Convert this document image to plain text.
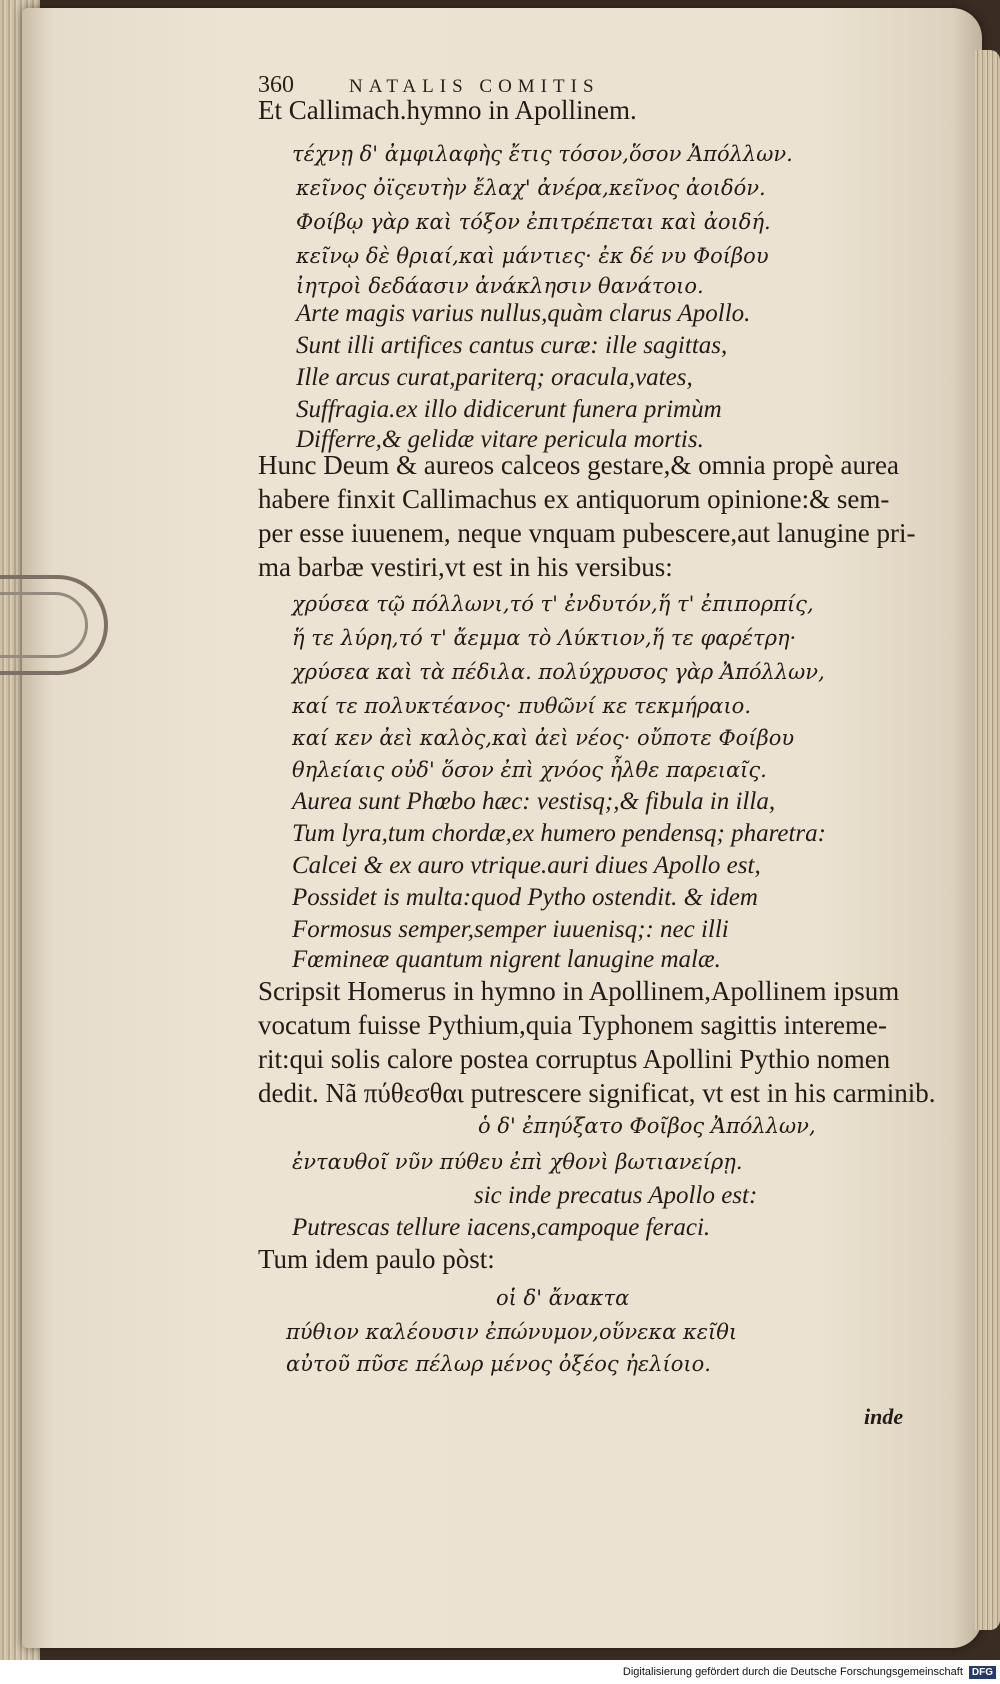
360	NATALIS COMITIS
Et Callimach.hymno in Apollinem.
τέχνῃ δ' ἀμφιλαφὴς ἔτις τόσον,ὅσον Ἀπόλλων.
κεῖνος ὀϊςευτὴν ἔλαχ' ἀνέρα,κεῖνος ἀοιδόν.
Φοίβῳ γὰρ καὶ τόξον ἐπιτρέπεται καὶ ἀοιδή.
κεῖνῳ δὲ θριαί,καὶ μάντιες· ἐκ δέ νυ Φοίβου
ἰητροὶ δεδάασιν ἀνάκλησιν θανάτοιο.
Arte magis varius nullus,quàm clarus Apollo.
Sunt illi artifices cantus curæ: ille sagittas,
Ille arcus curat,pariterq; oracula,vates,
Suffragia.ex illo didicerunt funera primùm
Differre,& gelidæ vitare pericula mortis.
Hunc Deum & aureos calceos gestare,& omnia propè aurea
habere finxit Callimachus ex antiquorum opinione:& sem-
per esse iuuenem, neque vnquam pubescere,aut lanugine pri-
ma barbæ vestiri,vt est in his versibus:
χρύσεα τῷ πόλλωνι,τό τ' ἐνδυτόν,ἥ τ' ἐπιπορπίς,
ἥ τε λύρη,τό τ' ἄεμμα τὸ Λύκτιον,ἥ τε φαρέτρη·
χρύσεα καὶ τὰ πέδιλα. πολύχρυσος γὰρ Ἀπόλλων,
καί τε πολυκτέανος· πυθῶνί κε τεκμήραιο.
καί κεν ἀεὶ καλὸς,καὶ ἀεὶ νέος· οὔποτε Φοίβου
θηλείαις οὐδ' ὅσον ἐπὶ χνόος ἦλθε παρειαῖς.
Aurea sunt Phœbo hæc: vestisq;,& fibula in illa,
Tum lyra,tum chordæ,ex humero pendensq; pharetra:
Calcei & ex auro vtrique.auri diues Apollo est,
Possidet is multa:quod Pytho ostendit. & idem
Formosus semper,semper iuuenisq;: nec illi
Fœmineæ quantum nigrent lanugine malæ.
Scripsit Homerus in hymno in Apollinem,Apollinem ipsum
vocatum fuisse Pythium,quia Typhonem sagittis intereme-
rit:qui solis calore postea corruptus Apollini Pythio nomen
dedit. Nã πύθεσθαι putrescere significat, vt est in his carminib.
ὁ δ' ἐπηύξατο Φοῖβος Ἀπόλλων,
ἐνταυθοῖ νῦν πύθευ ἐπὶ χθονὶ βωτιανείρῃ.
sic inde precatus Apollo est:
Putrescas tellure iacens,campoque feraci.
Tum idem paulo pòst:
οἱ δ' ἄνακτα
πύθιον καλέουσιν ἐπώνυμον,οὕνεκα κεῖθι
αὐτοῦ πῦσε πέλωρ μένος ὀξέος ἠελίοιο.
inde
Digitalisierung gefördert durch die Deutsche Forschungsgemeinschaft DFG
